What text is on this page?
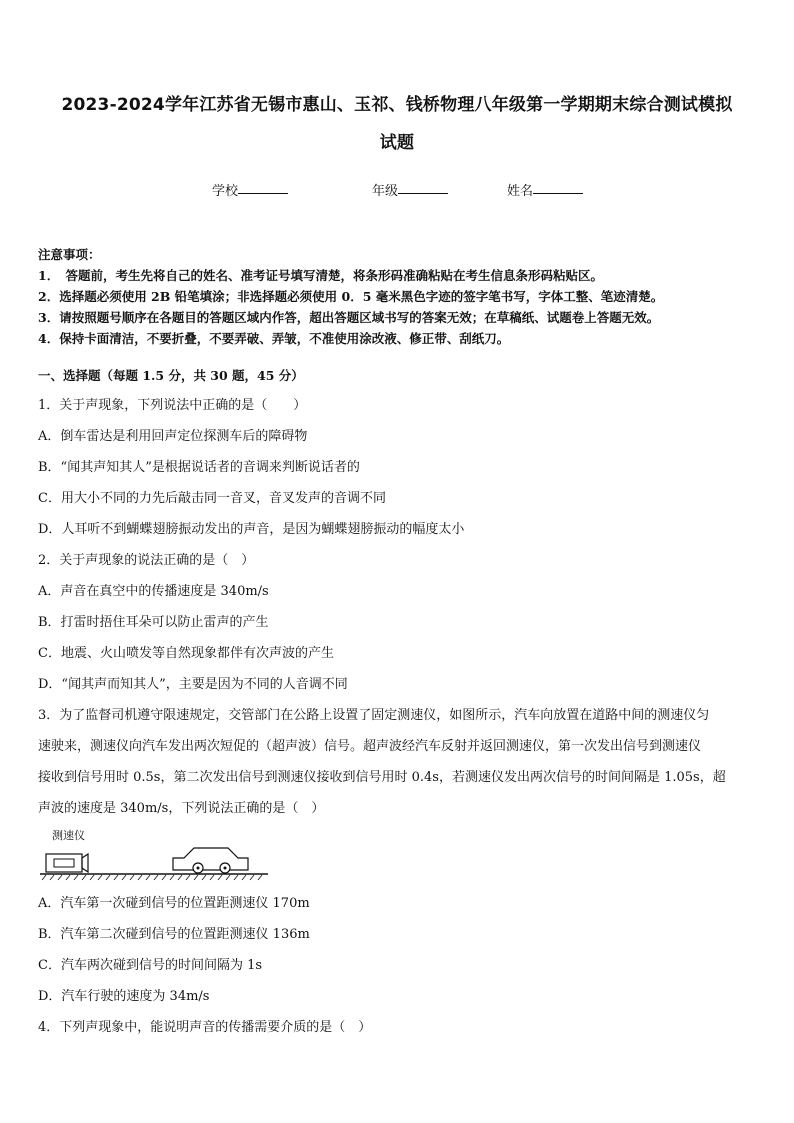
2023-2024学年江苏省无锡市惠山、玉祁、钱桥物理八年级第一学期期末综合测试模拟
试题
学校	年级	姓名
注意事项：
1．　答题前，考生先将自己的姓名、准考证号填写清楚，将条形码准确粘贴在考生信息条形码粘贴区。
2．选择题必须使用 2B 铅笔填涂；非选择题必须使用 0．5 毫米黑色字迹的签字笔书写，字体工整、笔迹清楚。
3．请按照题号顺序在各题目的答题区域内作答，超出答题区域书写的答案无效；在草稿纸、试题卷上答题无效。
4．保持卡面清洁，不要折叠，不要弄破、弄皱，不准使用涂改液、修正带、刮纸刀。
一、选择题（每题 1.5 分，共 30 题，45 分）
1．关于声现象，下列说法中正确的是（　　）
A．倒车雷达是利用回声定位探测车后的障碍物
B．“闻其声知其人”是根据说话者的音调来判断说话者的
C．用大小不同的力先后敲击同一音叉，音叉发声的音调不同
D．人耳听不到蝴蝶翅膀振动发出的声音，是因为蝴蝶翅膀振动的幅度太小
2．关于声现象的说法正确的是（　）
A．声音在真空中的传播速度是 340m/s
B．打雷时捂住耳朵可以防止雷声的产生
C．地震、火山喷发等自然现象都伴有次声波的产生
D．“闻其声而知其人”，主要是因为不同的人音调不同
3．为了监督司机遵守限速规定，交管部门在公路上设置了固定测速仪，如图所示，汽车向放置在道路中间的测速仪匀
速驶来，测速仪向汽车发出两次短促的（超声波）信号。超声波经汽车反射并返回测速仪，第一次发出信号到测速仪
接收到信号用时 0.5s，第二次发出信号到测速仪接收到信号用时 0.4s，若测速仪发出两次信号的时间间隔是 1.05s，超
声波的速度是 340m/s，下列说法正确的是（　）
测速仪
A．汽车第一次碰到信号的位置距测速仪 170m
B．汽车第二次碰到信号的位置距测速仪 136m
C．汽车两次碰到信号的时间间隔为 1s
D．汽车行驶的速度为 34m/s
4．下列声现象中，能说明声音的传播需要介质的是（　）
